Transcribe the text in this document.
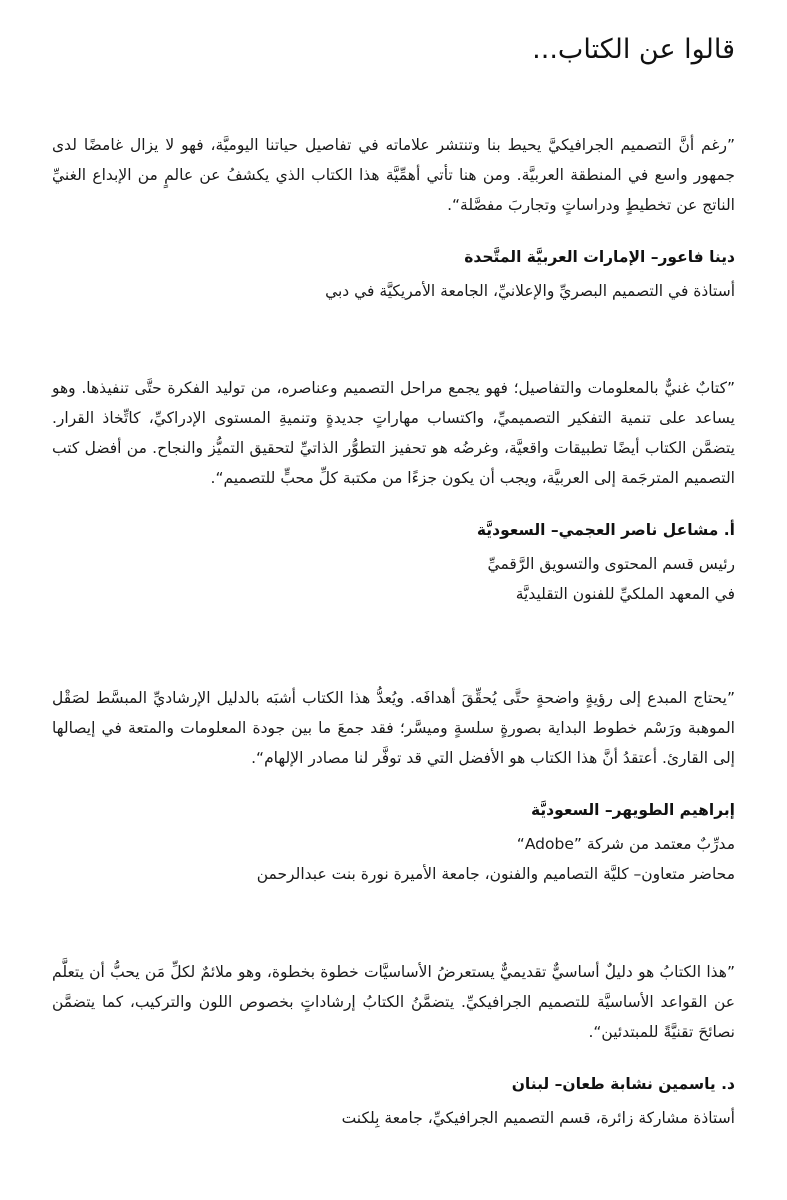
قالوا عن الكتاب...

”رغم أنَّ التصميم الجرافيكيَّ يحيط بنا وتنتشر علاماته في تفاصيل حياتنا اليوميَّة، فهو لا يزال غامضًا لدى جمهور واسع في المنطقة العربيَّة. ومن هنا تأتي أهمِّيَّة هذا الكتاب الذي يكشفُ عن عالمٍ من الإبداع الغنيِّ الناتج عن تخطيطٍ ودراساتٍ وتجاربَ مفصَّلة“.

دينا فاعور– الإمارات العربيَّة المتَّحدة

أستاذة في التصميم البصريِّ والإعلانيِّ، الجامعة الأمريكيَّة في دبي

”كتابٌ غنيٌّ بالمعلومات والتفاصيل؛ فهو يجمع مراحل التصميم وعناصره، من توليد الفكرة حتَّى تنفيذها. وهو يساعد على تنمية التفكير التصميميِّ، واكتساب مهاراتٍ جديدةٍ وتنميةِ المستوى الإدراكيِّ، كاتِّخاذ القرار. يتضمَّن الكتاب أيضًا تطبيقات واقعيَّة، وغرضُه هو تحفيز التطوُّر الذاتيِّ لتحقيق التميُّز والنجاح. من أفضل كتب التصميم المترجَمة إلى العربيَّة، ويجب أن يكون جزءًا من مكتبة كلِّ محبٍّ للتصميم“.

أ. مشاعل ناصر العجمي– السعوديَّة

رئيس قسم المحتوى والتسويق الرَّقميِّ

في المعهد الملكيِّ للفنون التقليديَّة

”يحتاج المبدع إلى رؤيةٍ واضحةٍ حتَّى يُحقِّقَ أهدافَه. ويُعدُّ هذا الكتاب أشبَه بالدليل الإرشاديِّ المبسَّط لصَقْل الموهبة ورَسْم خطوط البداية بصورةٍ سلسةٍ وميسَّر؛ فقد جمعَ ما بين جودة المعلومات والمتعة في إيصالها إلى القارئ. أعتقدُ أنَّ هذا الكتاب هو الأفضل التي قد توفَّر لنا مصادر الإلهام“.

إبراهيم الطويهر– السعوديَّة

مدرِّبٌ معتمد من شركة ”Adobe“

محاضر متعاون– كليَّة التصاميم والفنون، جامعة الأميرة نورة بنت عبدالرحمن

”هذا الكتابُ هو دليلٌ أساسيٌّ تقديميٌّ يستعرضُ الأساسيَّات خطوة بخطوة، وهو ملائمٌ لكلِّ مَن يحبُّ أن يتعلَّم عن القواعد الأساسيَّة للتصميم الجرافيكيِّ. يتضمَّنُ الكتابُ إرشاداتٍ بخصوص اللون والتركيب، كما يتضمَّن نصائحَ تقنيَّةً للمبتدئين“.

د. ياسمين نشابة طعان– لبنان

أستاذة مشاركة زائرة، قسم التصميم الجرافيكيِّ، جامعة بِلكنت
